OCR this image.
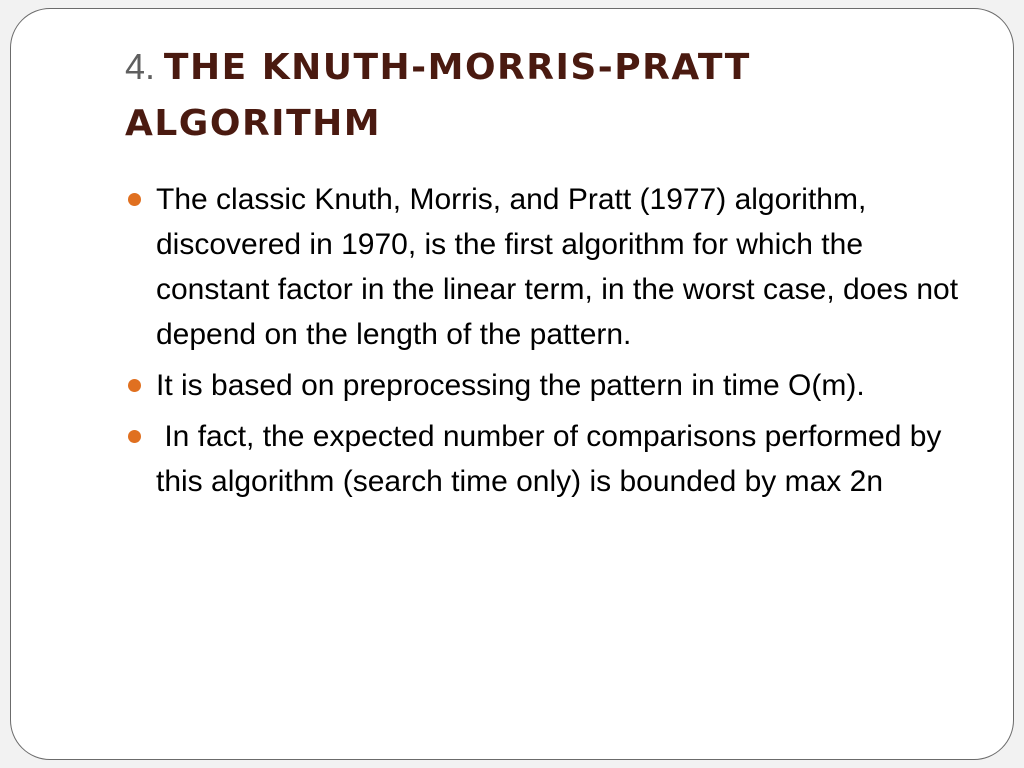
4. THE KNUTH-MORRIS-PRATT ALGORITHM
The classic Knuth, Morris, and Pratt (1977) algorithm, discovered in 1970, is the first algorithm for which the constant factor in the linear term, in the worst case, does not depend on the length of the pattern.
It is based on preprocessing the pattern in time O(m).
In fact, the expected number of comparisons performed by this algorithm (search time only) is bounded by max 2n
